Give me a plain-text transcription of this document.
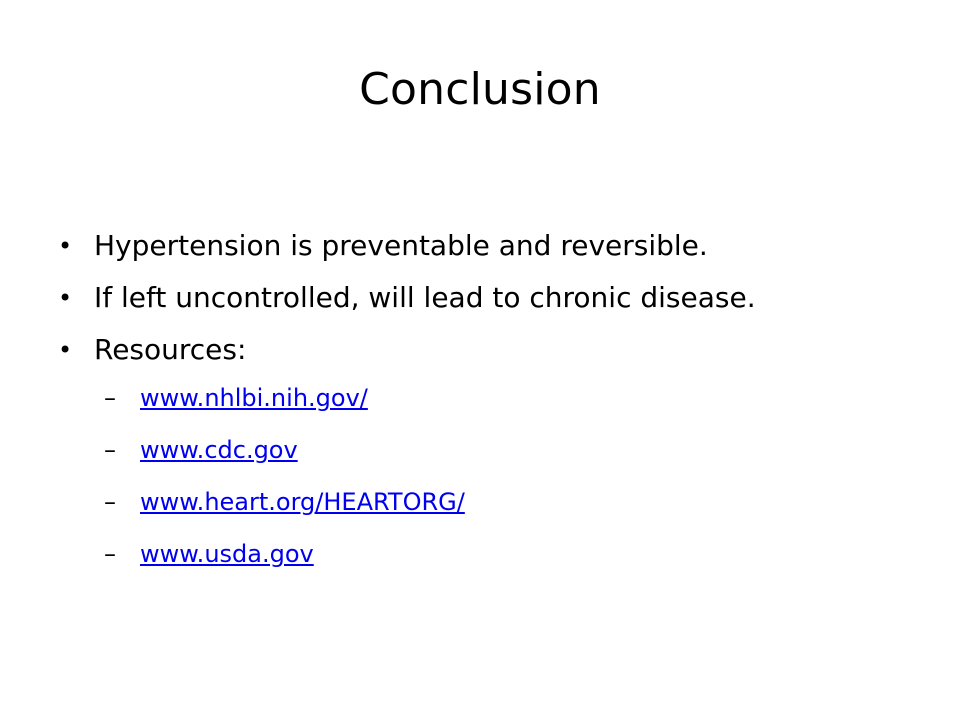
Conclusion
• Hypertension is preventable and reversible.
• If left uncontrolled, will lead to chronic disease.
• Resources:
– www.nhlbi.nih.gov/
– www.cdc.gov
– www.heart.org/HEARTORG/
– www.usda.gov
